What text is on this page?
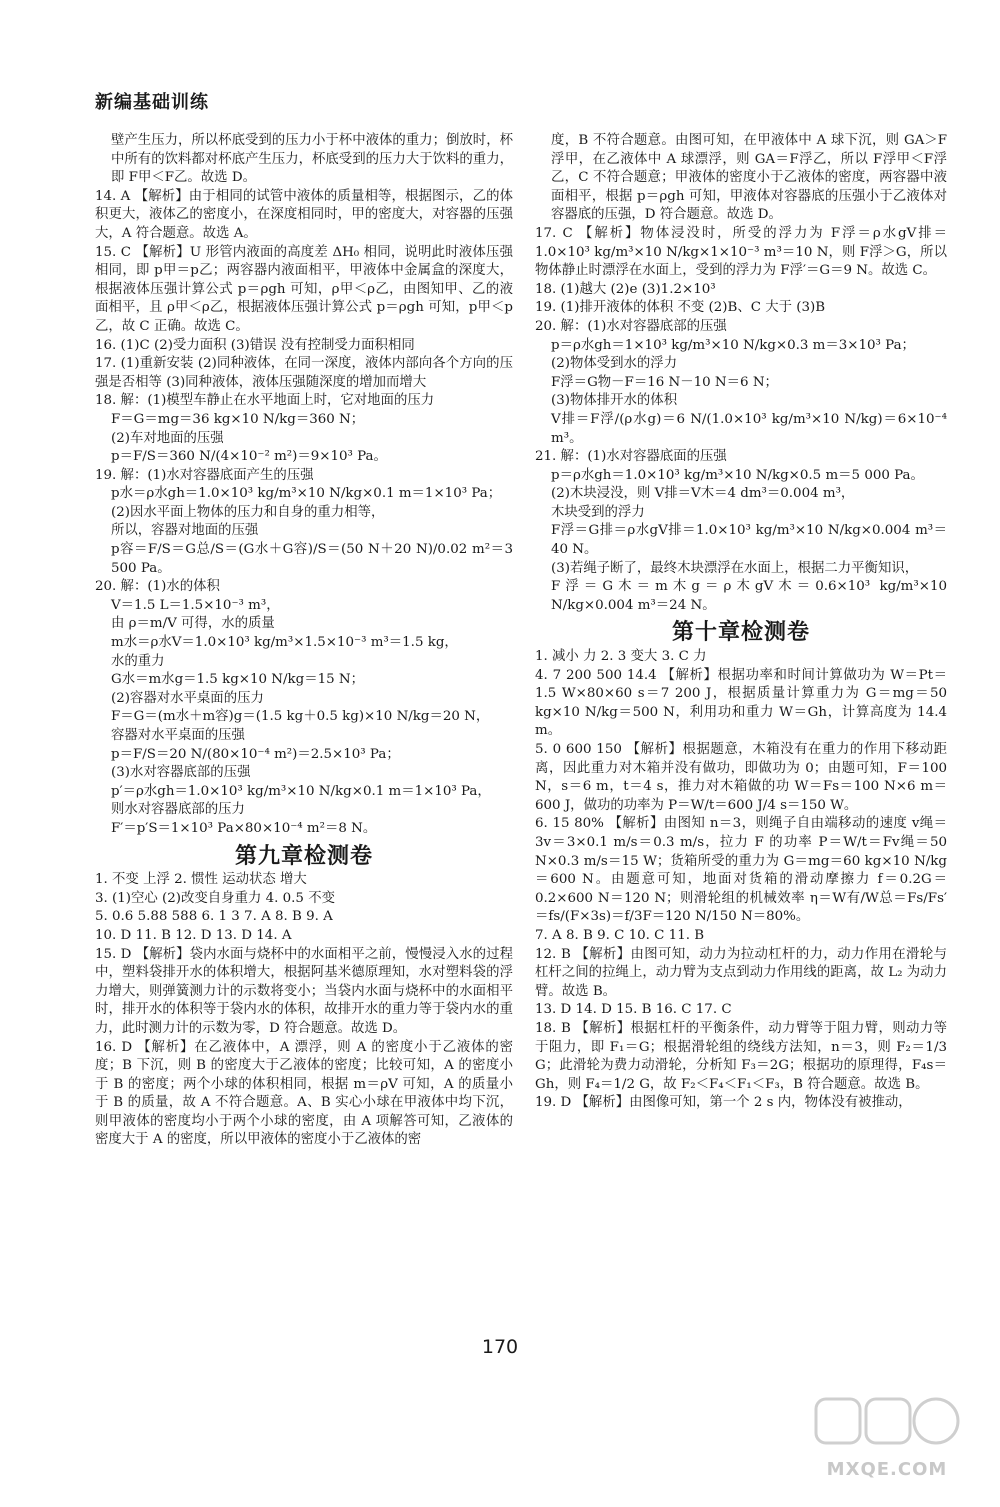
新编基础训练
壁产生压力，所以杯底受到的压力小于杯中液体的重力；倒放时，杯中所有的饮料都对杯底产生压力，杯底受到的压力大于饮料的重力，即 F甲＜F乙。故选 D。
14. A 【解析】由于相同的试管中液体的质量相等，根据图示，乙的体积更大，液体乙的密度小，在深度相同时，甲的密度大，对容器的压强大，A 符合题意。故选 A。
15. C 【解析】U 形管内液面的高度差 ΔH₀ 相同，说明此时液体压强相同，即 p甲＝p乙；两容器内液面相平，甲液体中金属盒的深度大，根据液体压强计算公式 p＝ρgh 可知，ρ甲＜ρ乙，由图知甲、乙的液面相平，且 ρ甲＜ρ乙，根据液体压强计算公式 p＝ρgh 可知，p甲＜p乙，故 C 正确。故选 C。
16. (1)C (2)受力面积 (3)错误 没有控制受力面积相同
17. (1)重新安装 (2)同种液体，在同一深度，液体内部向各个方向的压强是否相等 (3)同种液体，液体压强随深度的增加而增大
18. 解：(1)模型车静止在水平地面上时，它对地面的压力
F＝G＝mg＝36 kg×10 N/kg＝360 N；
(2)车对地面的压强
p＝F/S＝360 N/(4×10⁻² m²)＝9×10³ Pa。
19. 解：(1)水对容器底面产生的压强
p水＝ρ水gh＝1.0×10³ kg/m³×10 N/kg×0.1 m＝1×10³ Pa；
(2)因水平面上物体的压力和自身的重力相等，
所以，容器对地面的压强
p容＝F/S＝G总/S＝(G水＋G容)/S＝(50 N＋20 N)/0.02 m²＝3 500 Pa。
20. 解：(1)水的体积
V＝1.5 L＝1.5×10⁻³ m³，
由 ρ＝m/V 可得，水的质量
m水＝ρ水V＝1.0×10³ kg/m³×1.5×10⁻³ m³＝1.5 kg，
水的重力
G水＝m水g＝1.5 kg×10 N/kg＝15 N；
(2)容器对水平桌面的压力
F＝G＝(m水＋m容)g＝(1.5 kg＋0.5 kg)×10 N/kg＝20 N，
容器对水平桌面的压强
p＝F/S＝20 N/(80×10⁻⁴ m²)＝2.5×10³ Pa；
(3)水对容器底部的压强
p′＝ρ水gh＝1.0×10³ kg/m³×10 N/kg×0.1 m＝1×10³ Pa，
则水对容器底部的压力
F′＝p′S＝1×10³ Pa×80×10⁻⁴ m²＝8 N。
第九章检测卷
1. 不变 上浮 2. 惯性 运动状态 增大
3. (1)空心 (2)改变自身重力 4. 0.5 不变
5. 0.6 5.88 588 6. 1 3 7. A 8. B 9. A
10. D 11. B 12. D 13. D 14. A
15. D 【解析】袋内水面与烧杯中的水面相平之前，慢慢浸入水的过程中，塑料袋排开水的体积增大，根据阿基米德原理知，水对塑料袋的浮力增大，则弹簧测力计的示数将变小；当袋内水面与烧杯中的水面相平时，排开水的体积等于袋内水的体积，故排开水的重力等于袋内水的重力，此时测力计的示数为零，D 符合题意。故选 D。
16. D 【解析】在乙液体中，A 漂浮，则 A 的密度小于乙液体的密度；B 下沉，则 B 的密度大于乙液体的密度；比较可知，A 的密度小于 B 的密度；两个小球的体积相同，根据 m＝ρV 可知，A 的质量小于 B 的质量，故 A 不符合题意。A、B 实心小球在甲液体中均下沉，则甲液体的密度均小于两个小球的密度，由 A 项解答可知，乙液体的密度大于 A 的密度，所以甲液体的密度小于乙液体的密
度，B 不符合题意。由图可知，在甲液体中 A 球下沉，则 GA＞F浮甲，在乙液体中 A 球漂浮，则 GA＝F浮乙，所以 F浮甲＜F浮乙，C 不符合题意；甲液体的密度小于乙液体的密度，两容器中液面相平，根据 p＝ρgh 可知，甲液体对容器底的压强小于乙液体对容器底的压强，D 符合题意。故选 D。
17. C 【解析】物体浸没时，所受的浮力为 F浮＝ρ水gV排＝1.0×10³ kg/m³×10 N/kg×1×10⁻³ m³＝10 N，则 F浮＞G，所以物体静止时漂浮在水面上，受到的浮力为 F浮′＝G＝9 N。故选 C。
18. (1)越大 (2)e (3)1.2×10³
19. (1)排开液体的体积 不变 (2)B、C 大于 (3)B
20. 解：(1)水对容器底部的压强
p＝ρ水gh＝1×10³ kg/m³×10 N/kg×0.3 m＝3×10³ Pa；
(2)物体受到水的浮力
F浮＝G物－F＝16 N－10 N＝6 N；
(3)物体排开水的体积
V排＝F浮/(ρ水g)＝6 N/(1.0×10³ kg/m³×10 N/kg)＝6×10⁻⁴ m³。
21. 解：(1)水对容器底面的压强
p＝ρ水gh＝1.0×10³ kg/m³×10 N/kg×0.5 m＝5 000 Pa。
(2)木块浸没，则 V排＝V木＝4 dm³＝0.004 m³，
木块受到的浮力
F浮＝G排＝ρ水gV排＝1.0×10³ kg/m³×10 N/kg×0.004 m³＝40 N。
(3)若绳子断了，最终木块漂浮在水面上，根据二力平衡知识，
F浮＝G木＝m木g＝ρ木gV木＝0.6×10³ kg/m³×10 N/kg×0.004 m³＝24 N。
第十章检测卷
1. 减小 力 2. 3 变大 3. C 力
4. 7 200 500 14.4 【解析】根据功率和时间计算做功为 W＝Pt＝1.5 W×80×60 s＝7 200 J，根据质量计算重力为 G＝mg＝50 kg×10 N/kg＝500 N，利用功和重力 W＝Gh，计算高度为 14.4 m。
5. 0 600 150 【解析】根据题意，木箱没有在重力的作用下移动距离，因此重力对木箱并没有做功，即做功为 0；由题可知，F＝100 N，s＝6 m，t＝4 s，推力对木箱做的功 W＝Fs＝100 N×6 m＝600 J，做功的功率为 P＝W/t＝600 J/4 s＝150 W。
6. 15 80% 【解析】由图知 n＝3，则绳子自由端移动的速度 v绳＝3v＝3×0.1 m/s＝0.3 m/s，拉力 F 的功率 P＝W/t＝Fv绳＝50 N×0.3 m/s＝15 W；货箱所受的重力为 G＝mg＝60 kg×10 N/kg＝600 N。由题意可知，地面对货箱的滑动摩擦力 f＝0.2G＝0.2×600 N＝120 N；则滑轮组的机械效率 η＝W有/W总＝Fs/Fs′＝fs/(F×3s)＝f/3F＝120 N/150 N＝80%。
7. A 8. B 9. C 10. C 11. B
12. B 【解析】由图可知，动力为拉动杠杆的力，动力作用在滑轮与杠杆之间的拉绳上，动力臂为支点到动力作用线的距离，故 L₂ 为动力臂。故选 B。
13. D 14. D 15. B 16. C 17. C
18. B 【解析】根据杠杆的平衡条件，动力臂等于阻力臂，则动力等于阻力，即 F₁＝G；根据滑轮组的绕线方法知，n＝3，则 F₂＝1/3 G；此滑轮为费力动滑轮，分析知 F₃＝2G；根据功的原理得，F₄s＝Gh，则 F₄＝1/2 G，故 F₂＜F₄＜F₁＜F₃，B 符合题意。故选 B。
19. D 【解析】由图像可知，第一个 2 s 内，物体没有被推动，
170
MXQE.COM
